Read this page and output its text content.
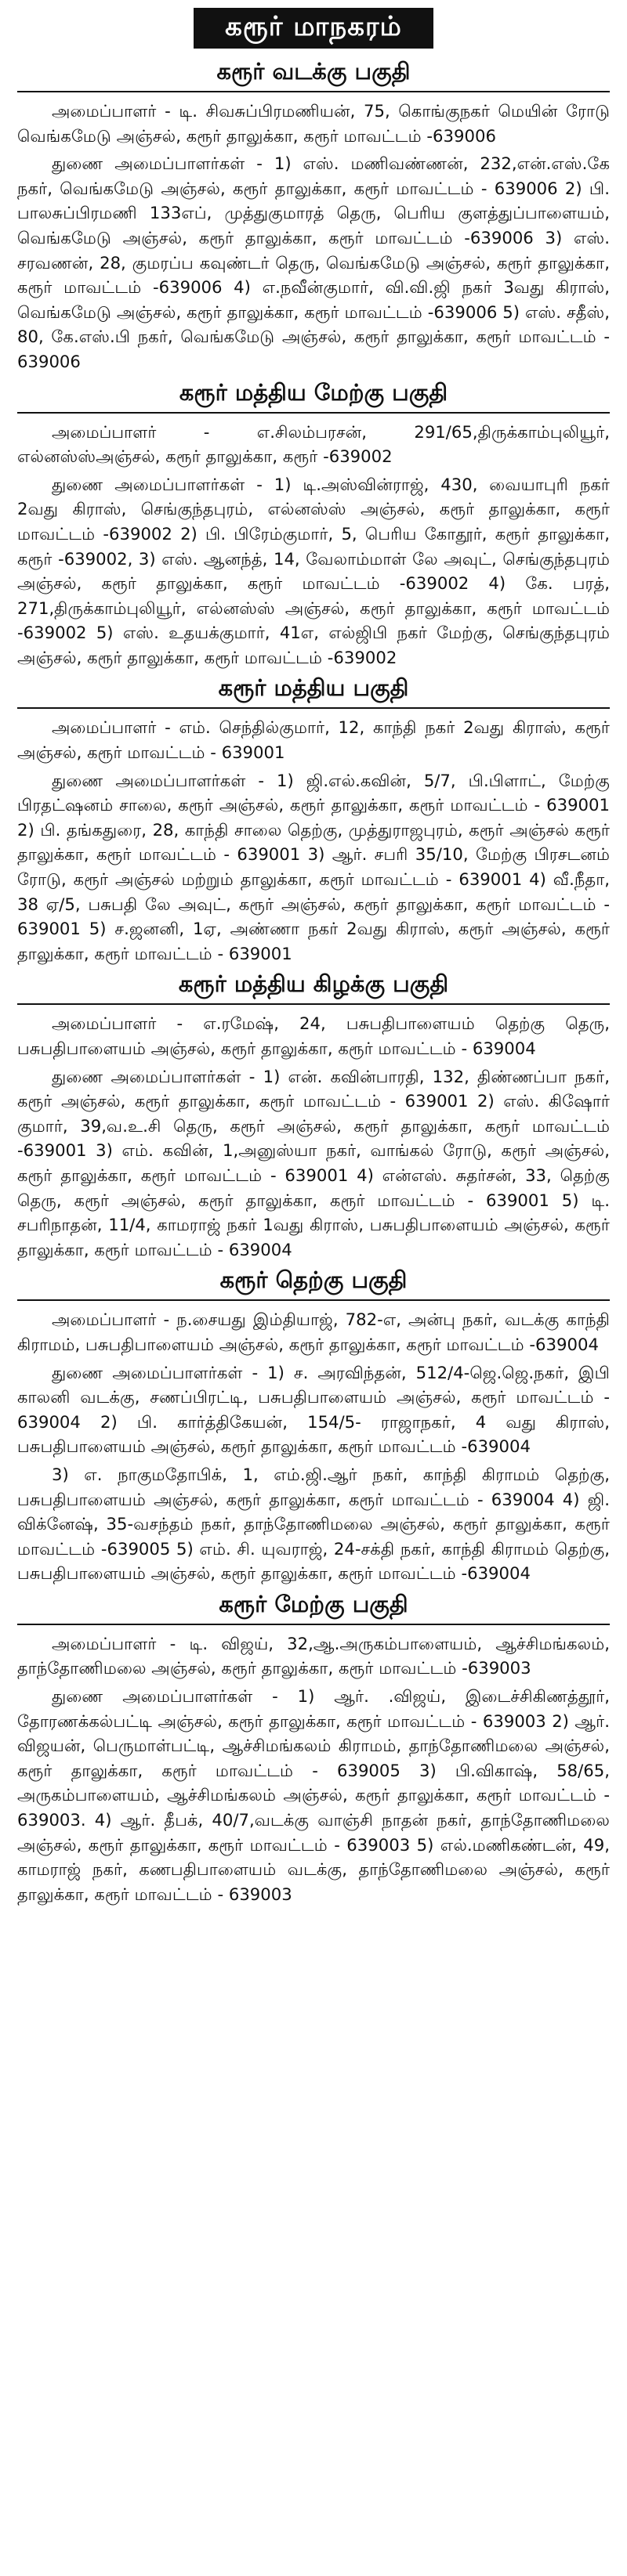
கரூர் மாநகரம்
கரூர் வடக்கு பகுதி

அமைப்பாளர் - டி. சிவசுப்பிரமணியன், 75, கொங்குநகர் மெயின் ரோடு வெங்கமேடு அஞ்சல், கரூர் தாலுக்கா, கரூர் மாவட்டம் -639006

துணை அமைப்பாளர்கள் - 1) எஸ். மணிவண்ணன், 232,என்.எஸ்.கே நகர், வெங்கமேடு அஞ்சல், கரூர் தாலுக்கா, கரூர் மாவட்டம் - 639006 2) பி. பாலசுப்பிரமணி 133எப், முத்துகுமாரத் தெரு, பெரிய குளத்துப்பாளையம், வெங்கமேடு அஞ்சல், கரூர் தாலுக்கா, கரூர் மாவட்டம் -639006 3) எஸ். சரவணன், 28, குமரப்ப கவுண்டர் தெரு, வெங்கமேடு அஞ்சல், கரூர் தாலுக்கா, கரூர் மாவட்டம் -639006 4) எ.நவீன்குமார், வி.வி.ஜி நகர் 3வது கிராஸ், வெங்கமேடு அஞ்சல், கரூர் தாலுக்கா, கரூர் மாவட்டம் -639006 5) எஸ். சதீஸ், 80, கே.எஸ்.பி நகர், வெங்கமேடு அஞ்சல், கரூர் தாலுக்கா, கரூர் மாவட்டம் - 639006

கரூர் மத்திய மேற்கு பகுதி

அமைப்பாளர் - எ.சிலம்பரசன், 291/65,திருக்காம்புலியூர், எல்னஸ்ஸ்அஞ்சல், கரூர் தாலுக்கா, கரூர் -639002

துணை அமைப்பாளர்கள் - 1) டி.அஸ்வின்ராஜ், 430, வையாபுரி நகர் 2வது கிராஸ், செங்குந்தபுரம், எல்னஸ்ஸ் அஞ்சல், கரூர் தாலுக்கா, கரூர் மாவட்டம் -639002 2) பி. பிரேம்குமார், 5, பெரிய கோதூர், கரூர் தாலுக்கா, கரூர் -639002, 3) எஸ். ஆனந்த், 14, வேலாம்மாள் லே அவுட், செங்குந்தபுரம் அஞ்சல், கரூர் தாலுக்கா, கரூர் மாவட்டம் -639002 4) கே. பரத், 271,திருக்காம்புலியூர், எல்னஸ்ஸ் அஞ்சல், கரூர் தாலுக்கா, கரூர் மாவட்டம் -639002 5) எஸ். உதயக்குமார், 41எ, எல்ஜிபி நகர் மேற்கு, செங்குந்தபுரம் அஞ்சல், கரூர் தாலுக்கா, கரூர் மாவட்டம் -639002

கரூர் மத்திய பகுதி

அமைப்பாளர் - எம். செந்தில்குமார், 12, காந்தி நகர் 2வது கிராஸ், கரூர் அஞ்சல், கரூர் மாவட்டம் - 639001

துணை அமைப்பாளர்கள் - 1) ஜி.எல்.கவின், 5/7, பி.பிளாட், மேற்கு பிரதட்ஷனம் சாலை, கரூர் அஞ்சல், கரூர் தாலுக்கா, கரூர் மாவட்டம் - 639001 2) பி. தங்கதுரை, 28, காந்தி சாலை தெற்கு, முத்துராஜபுரம், கரூர் அஞ்சல் கரூர் தாலுக்கா, கரூர் மாவட்டம் - 639001 3) ஆர். சபரி 35/10, மேற்கு பிரசடனம் ரோடு, கரூர் அஞ்சல் மற்றும் தாலுக்கா, கரூர் மாவட்டம் - 639001 4) வீ.நீதா, 38 ஏ/5, பசுபதி லே அவுட், கரூர் அஞ்சல், கரூர் தாலுக்கா, கரூர் மாவட்டம் - 639001 5) ச.ஜனனி, 1ஏ, அண்ணா நகர் 2வது கிராஸ், கரூர் அஞ்சல், கரூர் தாலுக்கா, கரூர் மாவட்டம் - 639001

கரூர் மத்திய கிழக்கு பகுதி

அமைப்பாளர் - எ.ரமேஷ், 24, பசுபதிபாளையம் தெற்கு தெரு, பசுபதிபாளையம் அஞ்சல், கரூர் தாலுக்கா, கரூர் மாவட்டம் - 639004

துணை அமைப்பாளர்கள் - 1) என். கவின்பாரதி, 132, திண்ணப்பா நகர், கரூர் அஞ்சல், கரூர் தாலுக்கா, கரூர் மாவட்டம் - 639001 2) எஸ். கிஷோர் குமார், 39,வ.உ.சி தெரு, கரூர் அஞ்சல், கரூர் தாலுக்கா, கரூர் மாவட்டம் -639001 3) எம். கவின், 1,அனுஸ்யா நகர், வாங்கல் ரோடு, கரூர் அஞ்சல், கரூர் தாலுக்கா, கரூர் மாவட்டம் - 639001 4) என்எஸ். சுதர்சன், 33, தெற்கு தெரு, கரூர் அஞ்சல், கரூர் தாலுக்கா, கரூர் மாவட்டம் - 639001 5) டி. சபரிநாதன், 11/4, காமராஜ் நகர் 1வது கிராஸ், பசுபதிபாளையம் அஞ்சல், கரூர் தாலுக்கா, கரூர் மாவட்டம் - 639004

கரூர் தெற்கு பகுதி

அமைப்பாளர் - ந.சையது இம்தியாஜ், 782-எ, அன்பு நகர், வடக்கு காந்தி கிராமம், பசுபதிபாளையம் அஞ்சல், கரூர் தாலுக்கா, கரூர் மாவட்டம் -639004

துணை அமைப்பாளர்கள் - 1) ச. அரவிந்தன், 512/4-ஜெ.ஜெ.நகர், இபி காலனி வடக்கு, சணப்பிரட்டி, பசுபதிபாளையம் அஞ்சல், கரூர் மாவட்டம் - 639004 2) பி. கார்த்திகேயன், 154/5- ராஜாநகர், 4 வது கிராஸ், பசுபதிபாளையம் அஞ்சல், கரூர் தாலுக்கா, கரூர் மாவட்டம் -639004

3) எ. நாகுமதோபிக், 1, எம்.ஜி.ஆர் நகர், காந்தி கிராமம் தெற்கு, பசுபதிபாளையம் அஞ்சல், கரூர் தாலுக்கா, கரூர் மாவட்டம் - 639004 4) ஜி. விக்னேஷ், 35-வசந்தம் நகர், தாந்தோணிமலை அஞ்சல், கரூர் தாலுக்கா, கரூர் மாவட்டம் -639005 5) எம். சி. யுவராஜ், 24-சக்தி நகர், காந்தி கிராமம் தெற்கு, பசுபதிபாளையம் அஞ்சல், கரூர் தாலுக்கா, கரூர் மாவட்டம் -639004

கரூர் மேற்கு பகுதி

அமைப்பாளர் - டி. விஜய், 32,ஆ.அருகம்பாளையம், ஆச்சிமங்கலம், தாந்தோணிமலை அஞ்சல், கரூர் தாலுக்கா, கரூர் மாவட்டம் -639003

துணை அமைப்பாளர்கள் - 1) ஆர். .விஜய், இடைச்சிகிணத்தூர், தோரணக்கல்பட்டி அஞ்சல், கரூர் தாலுக்கா, கரூர் மாவட்டம் - 639003 2) ஆர். விஜயன், பெருமாள்பட்டி, ஆச்சிமங்கலம் கிராமம், தாந்தோணிமலை அஞ்சல், கரூர் தாலுக்கா, கரூர் மாவட்டம் - 639005 3) பி.விகாஷ், 58/65, அருகம்பாளையம், ஆச்சிமங்கலம் அஞ்சல், கரூர் தாலுக்கா, கரூர் மாவட்டம் - 639003. 4) ஆர். தீபக், 40/7,வடக்கு வாஞ்சி நாதன் நகர், தாந்தோணிமலை அஞ்சல், கரூர் தாலுக்கா, கரூர் மாவட்டம் - 639003 5) எல்.மணிகண்டன், 49, காமராஜ் நகர், கணபதிபாளையம் வடக்கு, தாந்தோணிமலை அஞ்சல், கரூர் தாலுக்கா, கரூர் மாவட்டம் - 639003
